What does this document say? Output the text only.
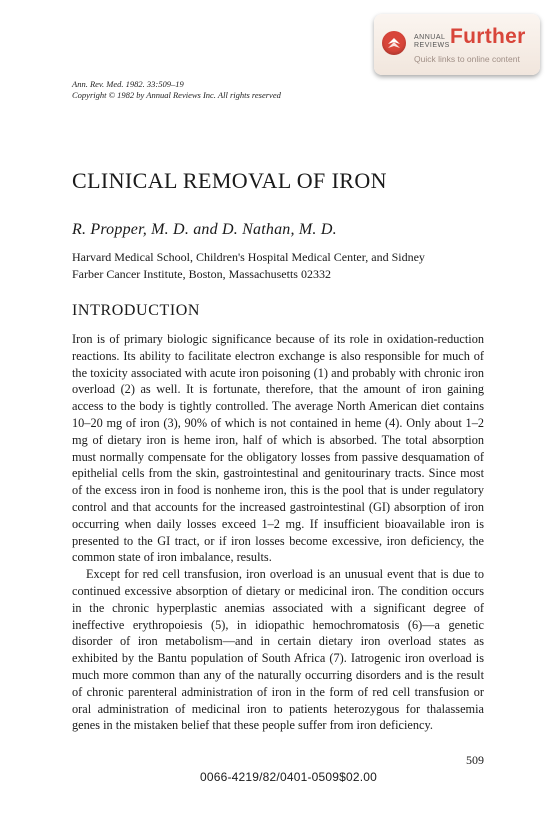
ANNUAL
REVIEWS Further
Quick links to online content
Ann. Rev. Med. 1982. 33:509–19
Copyright © 1982 by Annual Reviews Inc. All rights reserved
CLINICAL REMOVAL OF IRON
R. Propper, M. D. and D. Nathan, M. D.
Harvard Medical School, Children's Hospital Medical Center, and Sidney
Farber Cancer Institute, Boston, Massachusetts 02332
INTRODUCTION

Iron is of primary biologic significance because of its role in oxidation-reduction reactions. Its ability to facilitate electron exchange is also responsible for much of the toxicity associated with acute iron poisoning (1) and probably with chronic iron overload (2) as well. It is fortunate, therefore, that the amount of iron gaining access to the body is tightly controlled. The average North American diet contains 10–20 mg of iron (3), 90% of which is not contained in heme (4). Only about 1–2 mg of dietary iron is heme iron, half of which is absorbed. The total absorption must normally compensate for the obligatory losses from passive desquamation of epithelial cells from the skin, gastrointestinal and genitourinary tracts. Since most of the excess iron in food is nonheme iron, this is the pool that is under regulatory control and that accounts for the increased gastrointestinal (GI) absorption of iron occurring when daily losses exceed 1–2 mg. If insufficient bioavailable iron is presented to the GI tract, or if iron losses become excessive, iron deficiency, the common state of iron imbalance, results.

Except for red cell transfusion, iron overload is an unusual event that is due to continued excessive absorption of dietary or medicinal iron. The condition occurs in the chronic hyperplastic anemias associated with a significant degree of ineffective erythropoiesis (5), in idiopathic hemochromatosis (6)—a genetic disorder of iron metabolism—and in certain dietary iron overload states as exhibited by the Bantu population of South Africa (7). Iatrogenic iron overload is much more common than any of the naturally occurring disorders and is the result of chronic parenteral administration of iron in the form of red cell transfusion or oral administration of medicinal iron to patients heterozygous for thalassemia genes in the mistaken belief that these people suffer from iron deficiency.

509
0066-4219/82/0401-0509$02.00
